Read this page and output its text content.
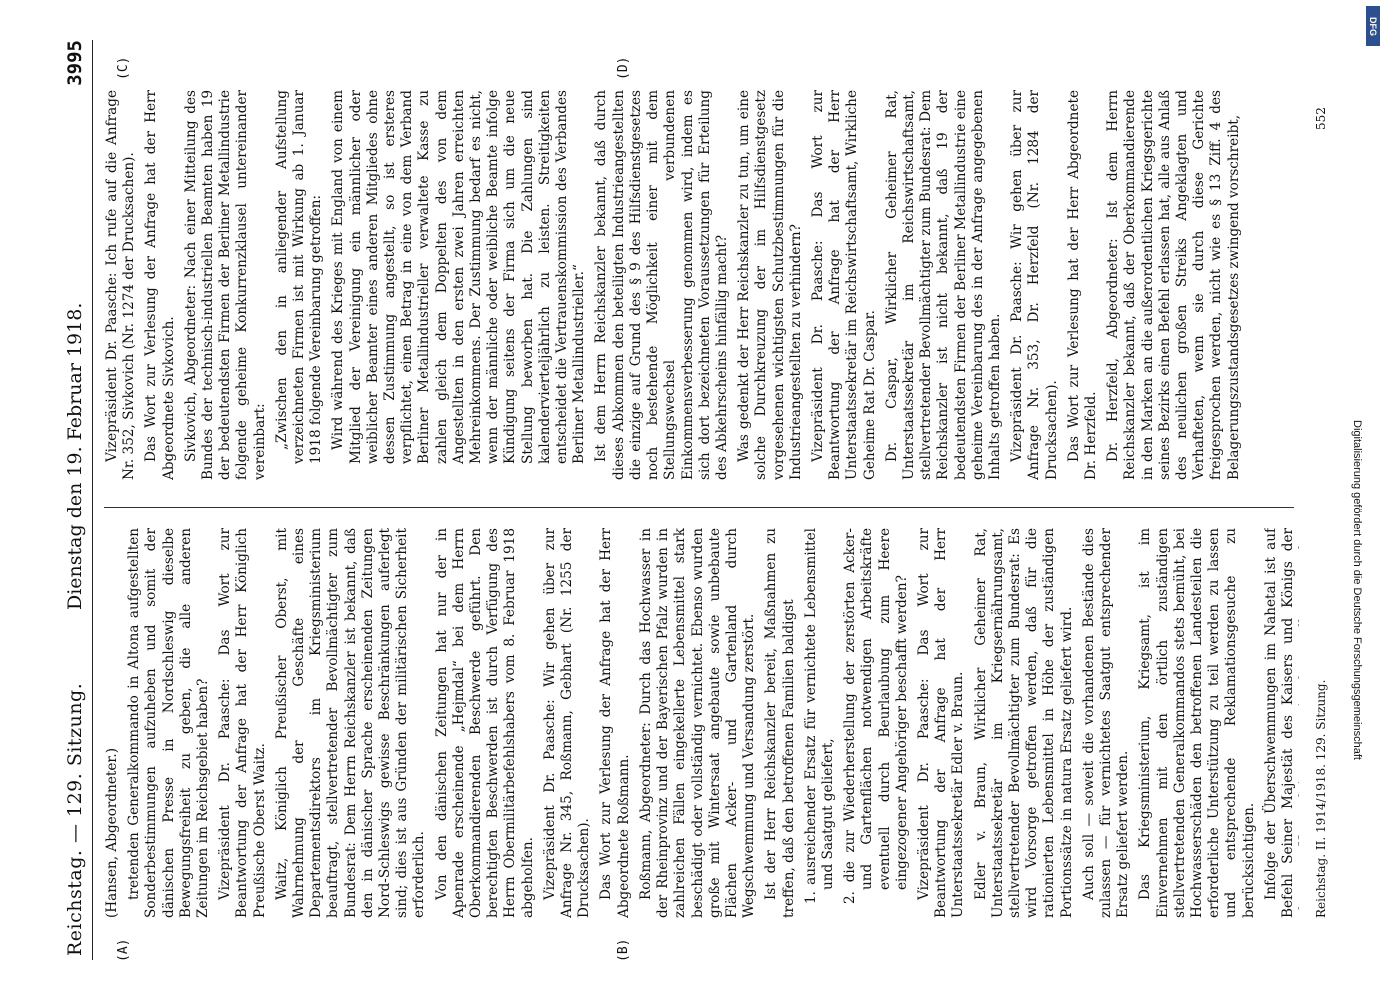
DFG
Digitalisierung gefördert durch die Deutsche Forschungsgemeinschaft
Reichstag. — 129. Sitzung.
Dienstag den 19. Februar 1918.
3995
(A)	(B)
(C)	(D)

(Hansen, Abgeordneter.) tretenden Generalkommando in Altona aufgestellten Sonderbestimmungen aufzuheben und somit der dänischen Presse in Nordschleswig dieselbe Bewegungsfreiheit zu geben, die alle anderen Zeitungen im Reichsgebiet haben? Vizepräsident Dr. Paasche: Das Wort zur Beantwortung der Anfrage hat der Herr Königlich Preußische Oberst Waitz. Waitz, Königlich Preußischer Oberst, mit Wahrnehmung der Geschäfte eines Departementsdirektors im Kriegsministerium beauftragt, stellvertretender Bevollmächtigter zum Bundesrat: Dem Herrn Reichskanzler ist bekannt, daß den in dänischer Sprache erscheinenden Zeitungen Nord-Schleswigs gewisse Beschränkungen auferlegt sind; dies ist aus Gründen der militärischen Sicherheit erforderlich. Von den dänischen Zeitungen hat nur der in Apenrade erscheinende „Hejmdal“ bei dem Herrn Oberkommandierenden Beschwerde geführt. Den berechtigten Beschwerden ist durch Verfügung des Herrn Obermilitärbefehlshabers vom 8. Februar 1918 abgeholfen. Vizepräsident Dr. Paasche: Wir gehen über zur Anfrage Nr. 345, Roßmann, Gebhart (Nr. 1255 der Drucksachen). Das Wort zur Verlesung der Anfrage hat der Herr Abgeordnete Roßmann. Roßmann, Abgeordneter: Durch das Hochwasser in der Rheinprovinz und der Bayerischen Pfalz wurden in zahlreichen Fällen eingekellerte Lebensmittel stark beschädigt oder vollständig vernichtet. Ebenso wurden große mit Wintersaat angebaute sowie unbebaute Flächen Acker- und Gartenland durch Wegschwemmung und Versandung zerstört. Ist der Herr Reichskanzler bereit, Maßnahmen zu treffen, daß den betroffenen Familien baldigst 1. ausreichender Ersatz für vernichtete Lebensmittel und Saatgut geliefert, 2. die zur Wiederherstellung der zerstörten Acker- und Gartenflächen notwendigen Arbeitskräfte eventuell durch Beurlaubung zum Heere eingezogener Angehöriger beschafft werden? Vizepräsident Dr. Paasche: Das Wort zur Beantwortung der Anfrage hat der Herr Unterstaatssekretär Edler v. Braun. Edler v. Braun, Wirklicher Geheimer Rat, Unterstaatssekretär im Kriegsernährungsamt, stellvertretender Bevollmächtigter zum Bundesrat: Es wird Vorsorge getroffen werden, daß für die rationierten Lebensmittel in Höhe der zuständigen Portionssätze in natura Ersatz geliefert wird. Auch soll — soweit die vorhandenen Bestände dies zulassen — für vernichtetes Saatgut entsprechender Ersatz geliefert werden. Das Kriegsministerium, Kriegsamt, ist im Einvernehmen mit den örtlich zuständigen stellvertretenden Generalkommandos stets bemüht, bei Hochwasserschäden den betroffenen Landesteilen die erforderliche Unterstützung zu teil werden zu lassen und entsprechende Reklamationsgesuche zu berücksichtigen. Infolge der Überschwemmungen im Nahetal ist auf Befehl Seiner Majestät des Kaisers und Königs der

Vizepräsident Dr. Paasche: Ich rufe auf die Anfrage Nr. 352, Sivkovich (Nr. 1274 der Drucksachen). Das Wort zur Verlesung der Anfrage hat der Herr Abgeordnete Sivkovich. Sivkovich, Abgeordneter: Nach einer Mitteilung des Bundes der technisch-industriellen Beamten haben 19 der bedeutendsten Firmen der Berliner Metallindustrie folgende geheime Konkurrenzklausel untereinander vereinbart: „Zwischen den in anliegender Aufstellung verzeichneten Firmen ist mit Wirkung ab 1. Januar 1918 folgende Vereinbarung getroffen: Wird während des Krieges mit England von einem Mitglied der Vereinigung ein männlicher oder weiblicher Beamter eines anderen Mitgliedes ohne dessen Zustimmung angestellt, so ist ersteres verpflichtet, einen Betrag in eine von dem Verband Berliner Metallindustrieller verwaltete Kasse zu zahlen gleich dem Doppelten des von dem Angestellten in den ersten zwei Jahren erreichten Mehreinkommens. Der Zustimmung bedarf es nicht, wenn der männliche oder weibliche Beamte infolge Kündigung seitens der Firma sich um die neue Stellung beworben hat. Die Zahlungen sind kalendervierteljährlich zu leisten. Streitigkeiten entscheidet die Vertrauenskommission des Verbandes Berliner Metallindustrieller.“ Ist dem Herrn Reichskanzler bekannt, daß durch dieses Abkommen den beteiligten Industrieangestellten die einzige auf Grund des § 9 des Hilfsdienstgesetzes noch bestehende Möglichkeit einer mit dem Stellungswechsel verbundenen Einkommensverbesserung genommen wird, indem es sich dort bezeichneten Voraussetzungen für Erteilung des Abkehrscheins hinfällig macht? Was gedenkt der Herr Reichskanzler zu tun, um eine solche Durchkreuzung der im Hilfsdienstgesetz vorgesehenen wichtigsten Schutzbestimmungen für die Industrieangestellten zu verhindern? Vizepräsident Dr. Paasche: Das Wort zur Beantwortung der Anfrage hat der Herr Unterstaatssekretär im Reichswirtschaftsamt, Wirkliche Geheime Rat Dr. Caspar. Dr. Caspar, Wirklicher Geheimer Rat, Unterstaatssekretär im Reichswirtschaftsamt, stellvertretender Bevollmächtigter zum Bundesrat: Dem Reichskanzler ist nicht bekannt, daß 19 der bedeutendsten Firmen der Berliner Metallindustrie eine geheime Vereinbarung des in der Anfrage angegebenen Inhalts getroffen haben. Vizepräsident Dr. Paasche: Wir gehen über zur Anfrage Nr. 353, Dr. Herzfeld (Nr. 1284 der Drucksachen). Das Wort zur Verlesung hat der Herr Abgeordnete Dr. Herzfeld. Dr. Herzfeld, Abgeordneter: Ist dem Herrn Reichskanzler bekannt, daß der Oberkommandierende in den Marken an die außerordentlichen Kriegsgerichte seines Bezirks einen Befehl erlassen hat, alle aus Anlaß des neulichen großen Streiks Angeklagten und Verhafteten, wenn sie durch diese Gerichte freigesprochen werden, nicht wie es § 13 Ziff. 4 des Belagerungszustandsgesetzes zwingend vorschreibt,

Reichstag. II. 1914/1918. 129. Sitzung.
552
